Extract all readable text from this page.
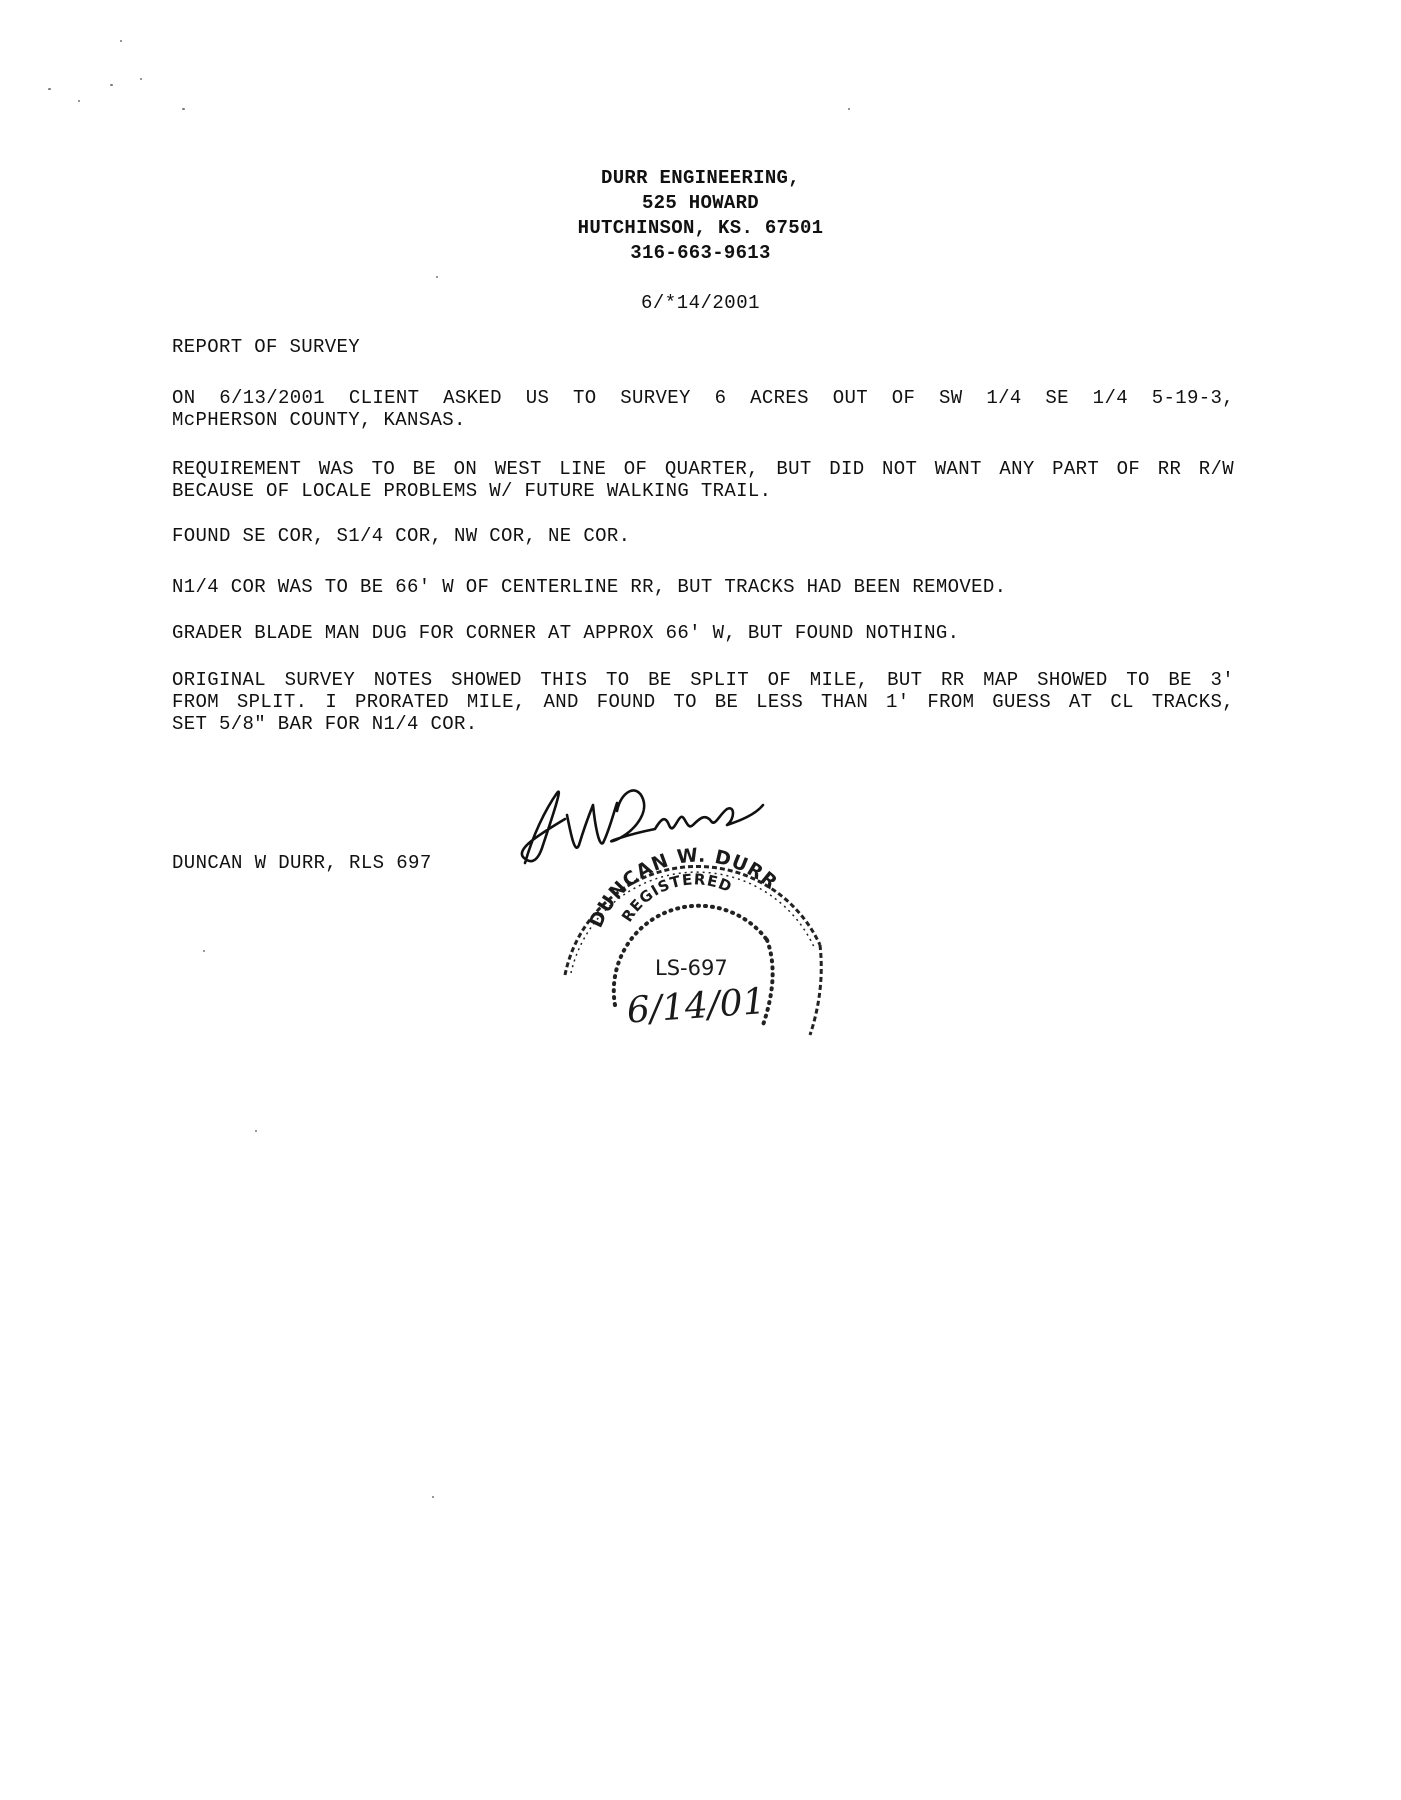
DURR ENGINEERING,
525 HOWARD
HUTCHINSON, KS. 67501
316-663-9613
6/*14/2001
REPORT OF SURVEY
ON 6/13/2001 CLIENT ASKED US TO SURVEY 6 ACRES OUT OF SW 1/4 SE 1/4 5-19-3,
McPHERSON COUNTY, KANSAS.
REQUIREMENT WAS TO BE ON WEST LINE OF QUARTER, BUT DID NOT WANT ANY PART OF RR R/W
BECAUSE OF LOCALE PROBLEMS W/ FUTURE WALKING TRAIL.
FOUND SE COR, S1/4 COR, NW COR, NE COR.
N1/4 COR WAS TO BE 66' W OF CENTERLINE RR, BUT TRACKS HAD BEEN REMOVED.
GRADER BLADE MAN DUG FOR CORNER AT APPROX 66' W, BUT FOUND NOTHING.
ORIGINAL SURVEY NOTES SHOWED THIS TO BE SPLIT OF MILE, BUT RR MAP SHOWED TO BE 3'
FROM SPLIT. I PRORATED MILE, AND FOUND TO BE LESS THAN 1' FROM GUESS AT CL TRACKS,
SET 5/8" BAR FOR N1/4 COR.
DUNCAN W DURR, RLS 697
DUNCAN W. DURR
REGISTERED
LS-697
6/14/01
